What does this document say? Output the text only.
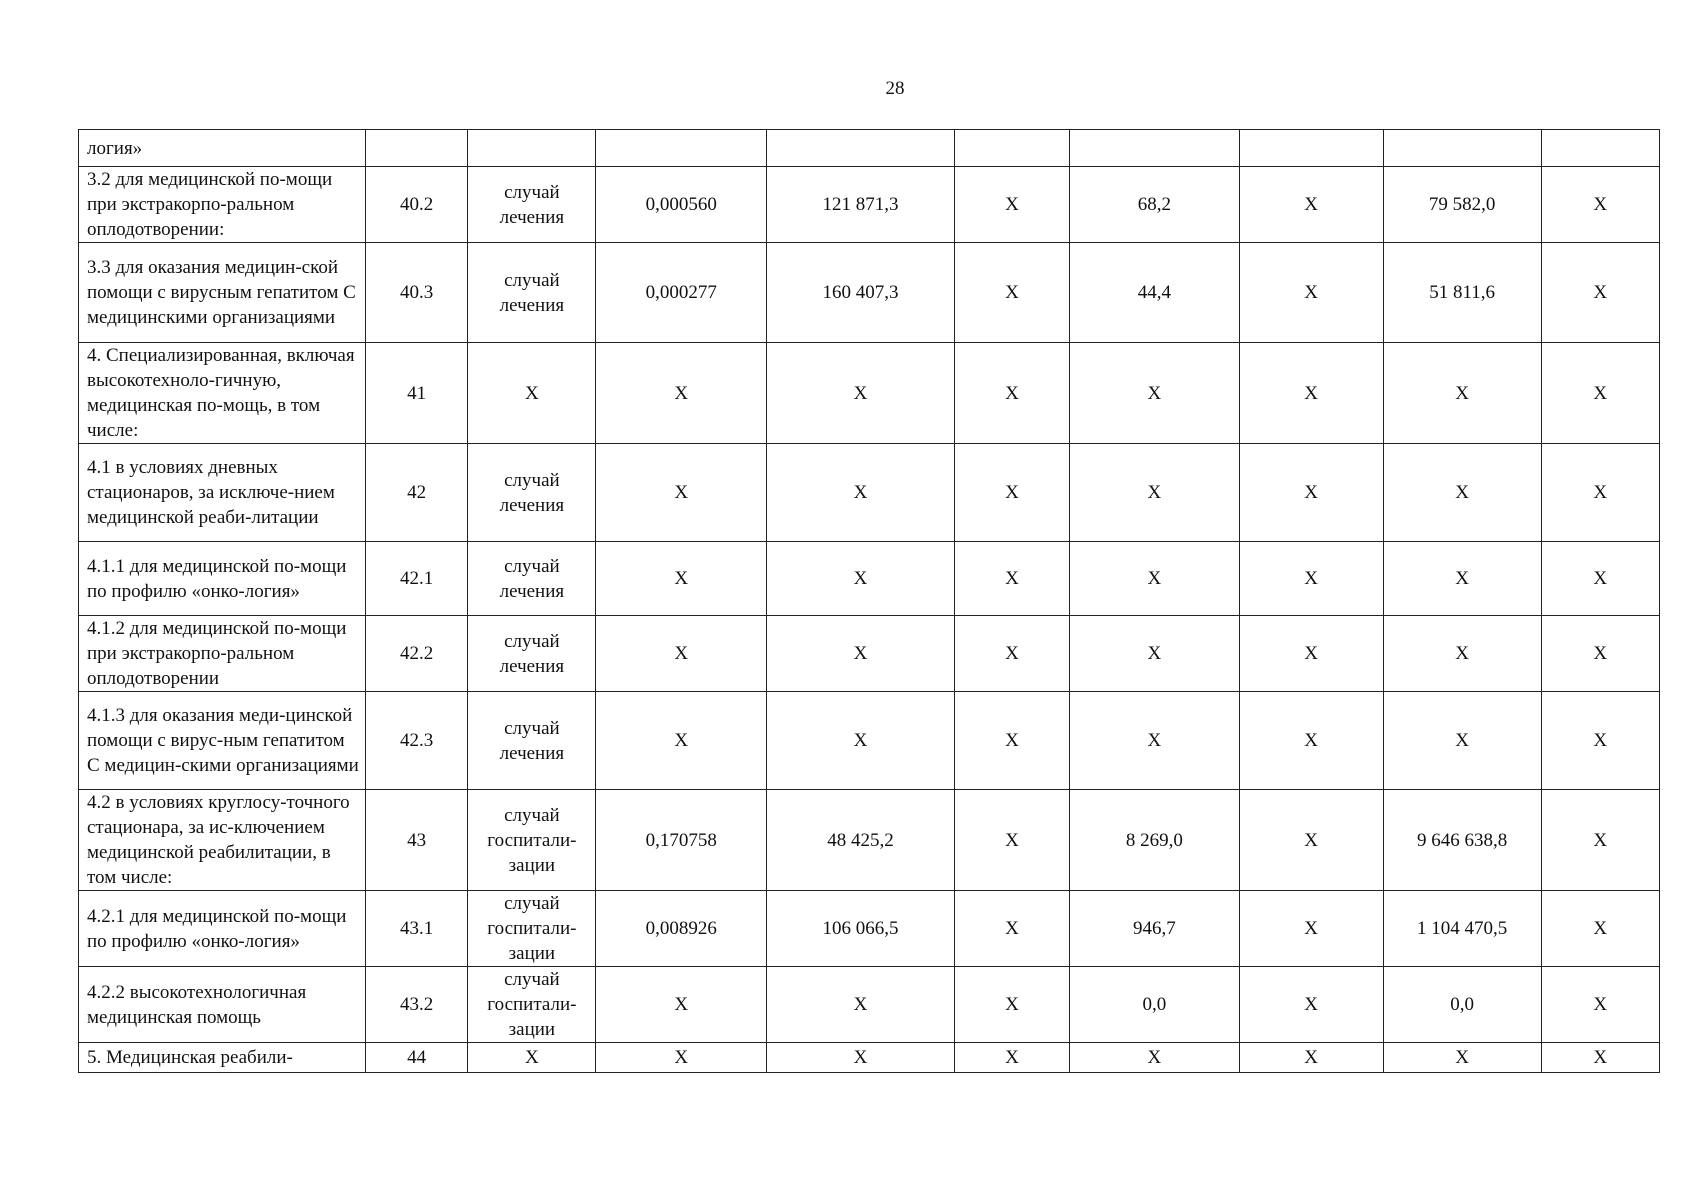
28
логия»									
3.2 для медицинской по-мощи при экстракорпо-ральном оплодотворении:	40.2	случай лечения	0,000560	121 871,3	X	68,2	X	79 582,0	X
3.3 для оказания медицин-ской помощи с вирусным гепатитом С медицинскими организациями	40.3	случай лечения	0,000277	160 407,3	X	44,4	X	51 811,6	X
4. Специализированная, включая высокотехноло-гичную, медицинская по-мощь, в том числе:	41	X	X	X	X	X	X	X	X
4.1 в условиях дневных стационаров, за исключе-нием медицинской реаби-литации	42	случай лечения	X	X	X	X	X	X	X
4.1.1 для медицинской по-мощи по профилю «онко-логия»	42.1	случай лечения	X	X	X	X	X	X	X
4.1.2 для медицинской по-мощи при экстракорпо-ральном оплодотворении	42.2	случай лечения	X	X	X	X	X	X	X
4.1.3 для оказания меди-цинской помощи с вирус-ным гепатитом С медицин-скими организациями	42.3	случай лечения	X	X	X	X	X	X	X
4.2 в условиях круглосу-точного стационара, за ис-ключением медицинской реабилитации, в том числе:	43	случай госпитали-зации	0,170758	48 425,2	X	8 269,0	X	9 646 638,8	X
4.2.1 для медицинской по-мощи по профилю «онко-логия»	43.1	случай госпитали-зации	0,008926	106 066,5	X	946,7	X	1 104 470,5	X
4.2.2 высокотехнологичная медицинская помощь	43.2	случай госпитали-зации	X	X	X	0,0	X	0,0	X
5. Медицинская реабили-	44	X	X	X	X	X	X	X	X
